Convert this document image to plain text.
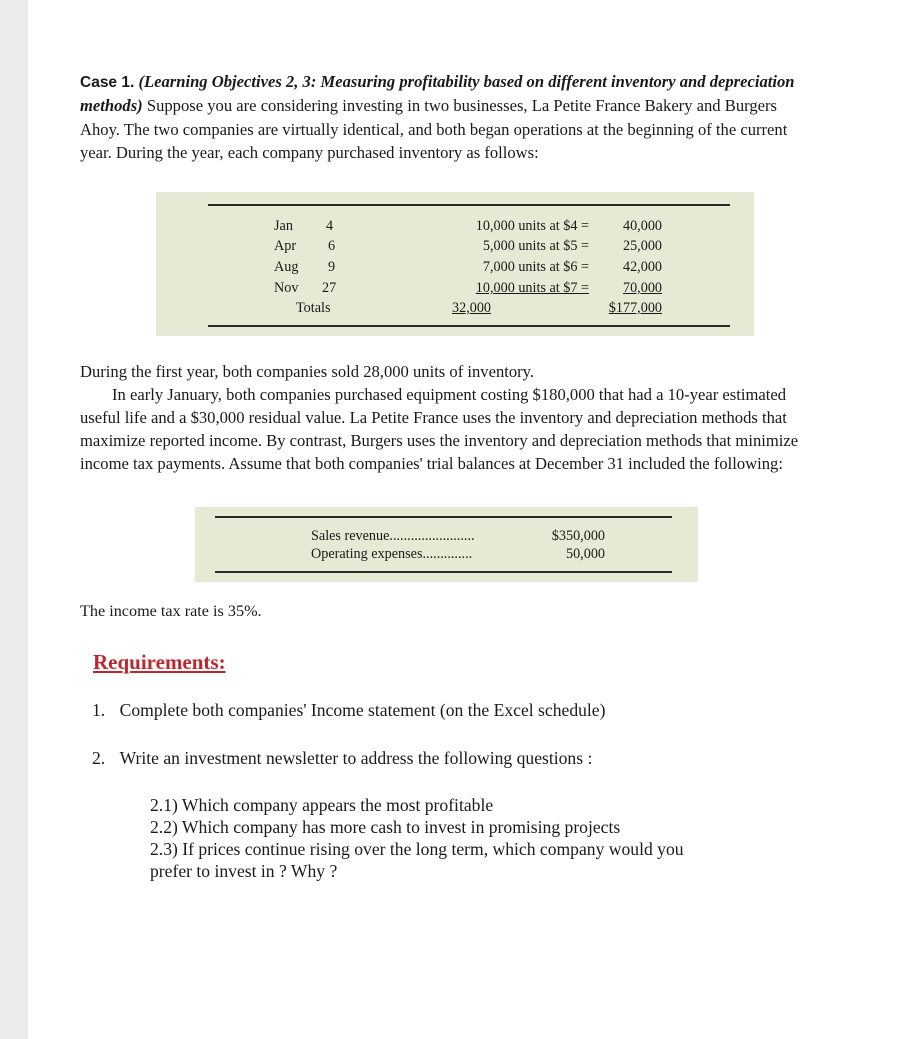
Case 1. (Learning Objectives 2, 3: Measuring profitability based on different inventory and depreciation methods) Suppose you are considering investing in two businesses, La Petite France Bakery and Burgers Ahoy. The two companies are virtually identical, and both began operations at the beginning of the current year. During the year, each company purchased inventory as follows:
Jan 4	10,000 units at $4 = 40,000
Apr 6	5,000 units at $5 = 25,000
Aug 9	7,000 units at $6 = 42,000
Nov 27	10,000 units at $7 = 70,000
Totals	32,000	$177,000
During the first year, both companies sold 28,000 units of inventory.
In early January, both companies purchased equipment costing $180,000 that had a 10-year estimated useful life and a $30,000 residual value. La Petite France uses the inventory and depreciation methods that maximize reported income. By contrast, Burgers uses the inventory and depreciation methods that minimize income tax payments. Assume that both companies' trial balances at December 31 included the following:
Sales revenue........................	$350,000
Operating expenses..............	50,000
The income tax rate is 35%.
Requirements:
1. Complete both companies' Income statement (on the Excel schedule)
2. Write an investment newsletter to address the following questions :
2.1) Which company appears the most profitable
2.2) Which company has more cash to invest in promising projects
2.3) If prices continue rising over the long term, which company would you
prefer to invest in ? Why ?
